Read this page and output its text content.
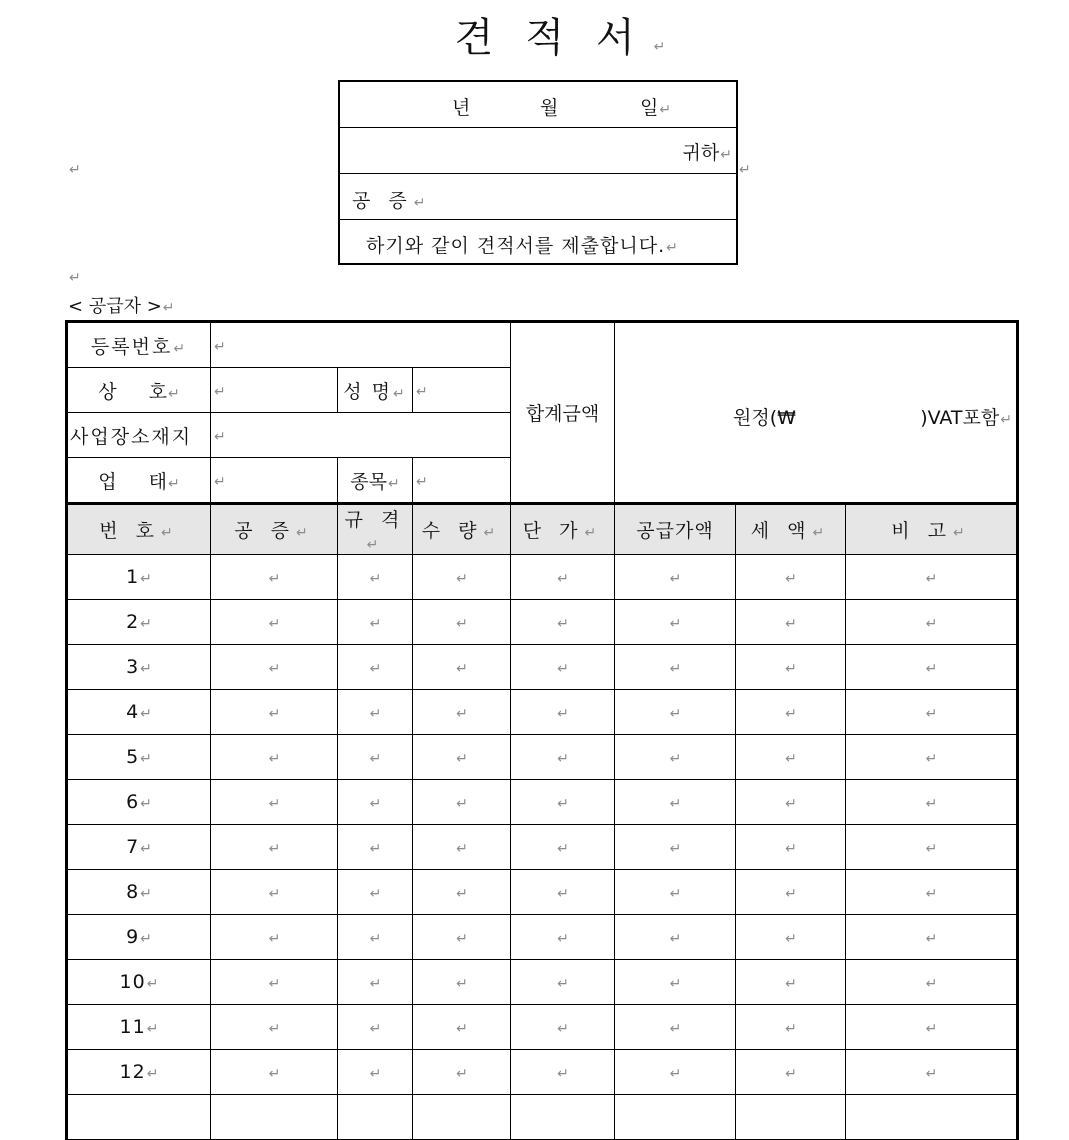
견 적 서 ↵
년	월	일↵
귀하↵
공 증↵
하기와 같이 견적서를 제출합니다.↵
↵
↵
↵
< 공급자 >↵
등록번호↵	↵			합계금액	원정(₩ )VAT포함↵

상 호↵	↵	성 명↵	↵		
사업장소재지	↵				
업 태↵	↵	종목↵	↵		
번 호↵	공 증↵	규 격↵	수 량↵	단 가↵	공급가액	세 액↵	비 고↵
1↵	↵	↵	↵	↵	↵	↵	↵
2↵	↵	↵	↵	↵	↵	↵	↵
3↵	↵	↵	↵	↵	↵	↵	↵
4↵	↵	↵	↵	↵	↵	↵	↵
5↵	↵	↵	↵	↵	↵	↵	↵
6↵	↵	↵	↵	↵	↵	↵	↵
7↵	↵	↵	↵	↵	↵	↵	↵
8↵	↵	↵	↵	↵	↵	↵	↵
9↵	↵	↵	↵	↵	↵	↵	↵
10↵	↵	↵	↵	↵	↵	↵	↵
11↵	↵	↵	↵	↵	↵	↵	↵
12↵	↵	↵	↵	↵	↵	↵	↵
